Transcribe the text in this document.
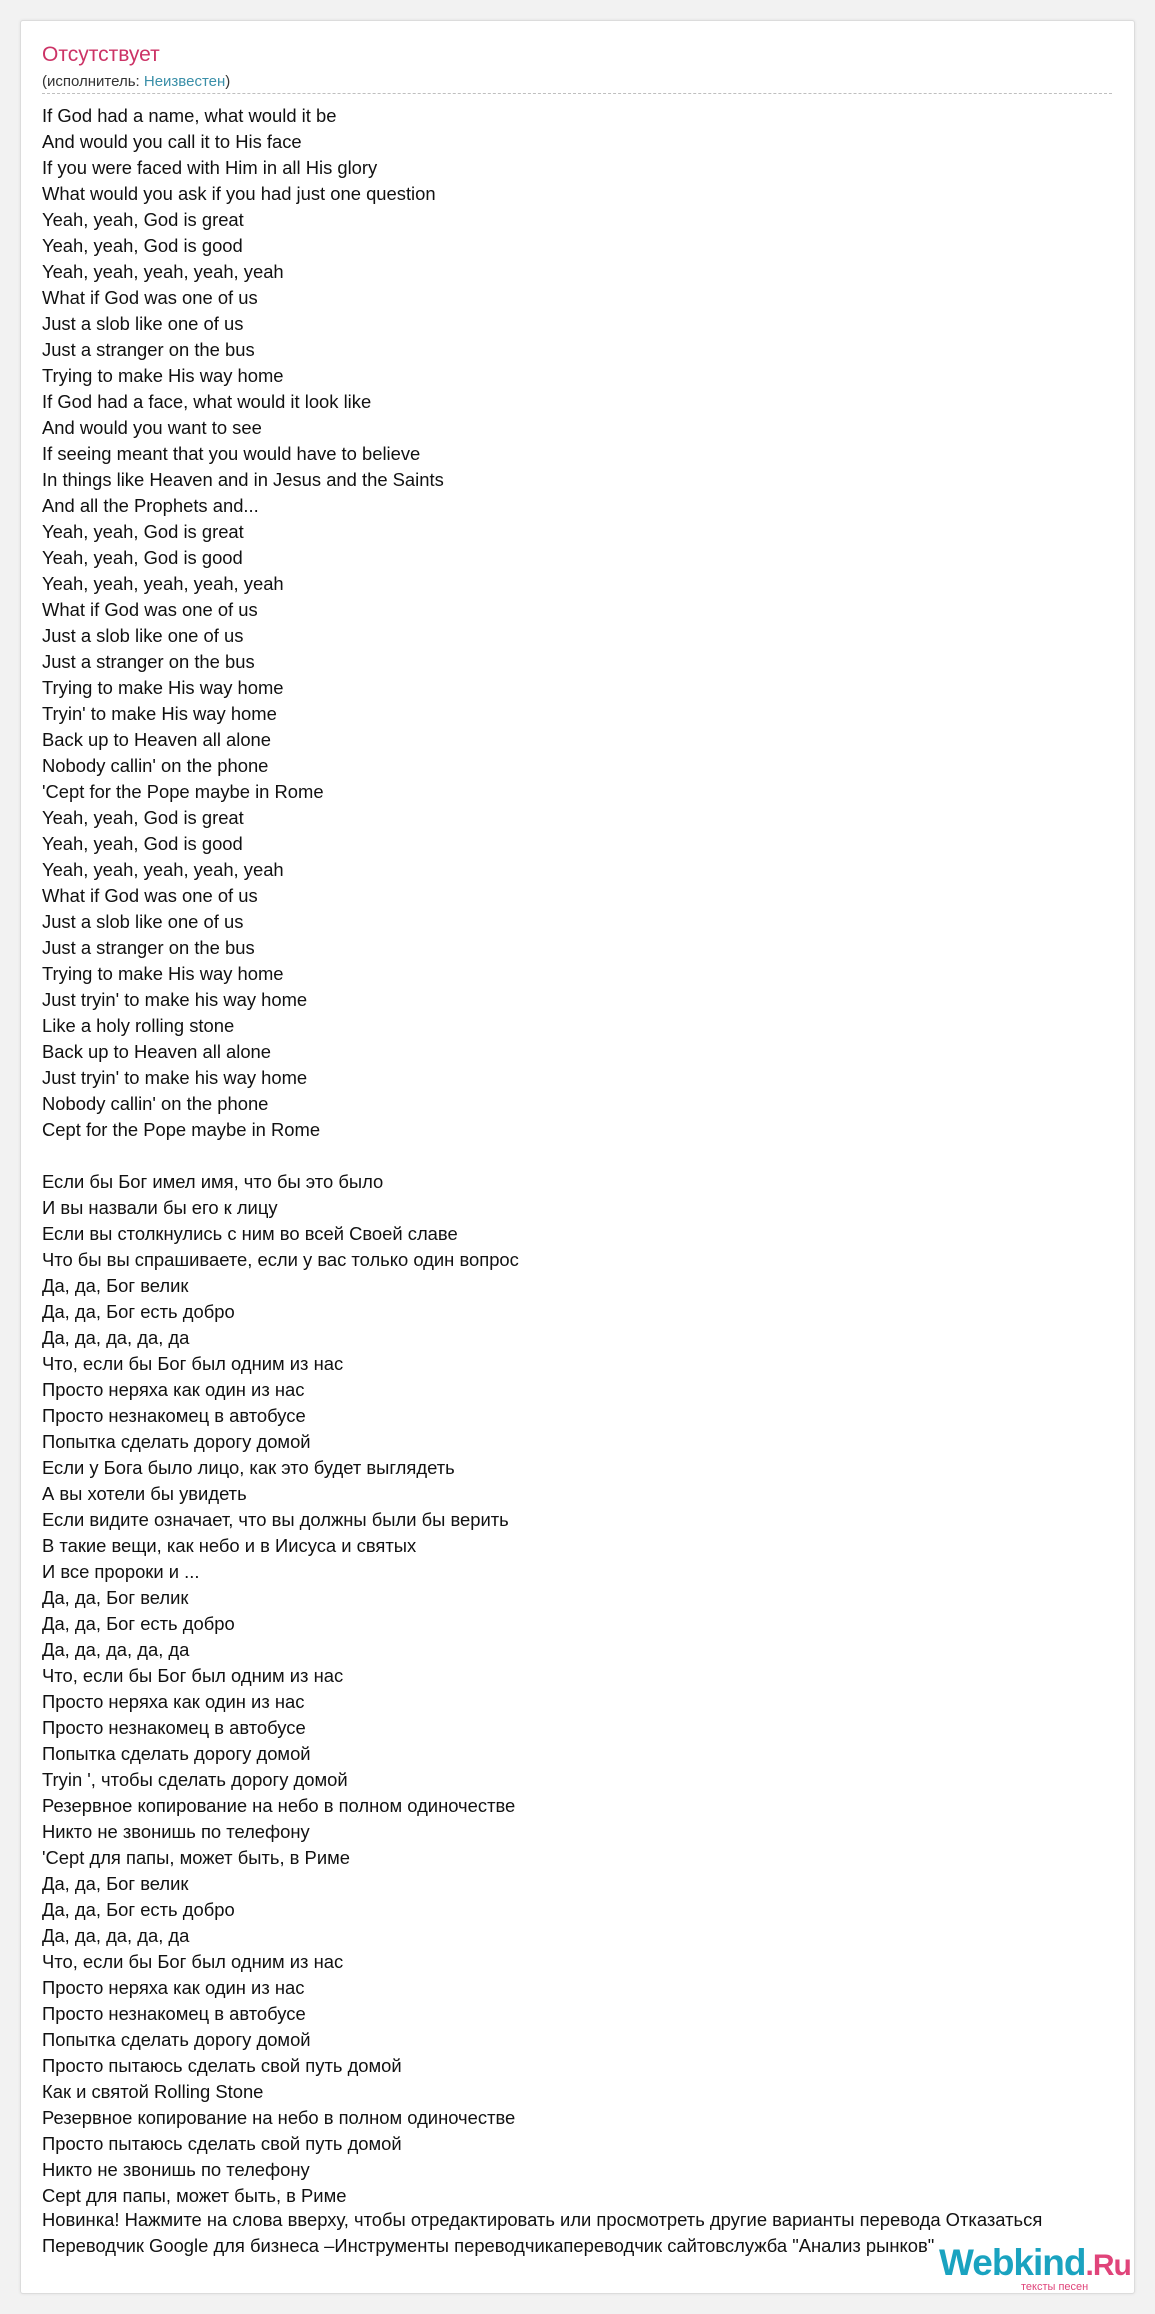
Отсутствует
(исполнитель: Неизвестен)
If God had a name, what would it be
And would you call it to His face
If you were faced with Him in all His glory
What would you ask if you had just one question
Yeah, yeah, God is great
Yeah, yeah, God is good
Yeah, yeah, yeah, yeah, yeah
What if God was one of us
Just a slob like one of us
Just a stranger on the bus
Trying to make His way home
If God had a face, what would it look like
And would you want to see
If seeing meant that you would have to believe
In things like Heaven and in Jesus and the Saints
And all the Prophets and...
Yeah, yeah, God is great
Yeah, yeah, God is good
Yeah, yeah, yeah, yeah, yeah
What if God was one of us
Just a slob like one of us
Just a stranger on the bus
Trying to make His way home
Tryin' to make His way home
Back up to Heaven all alone
Nobody callin' on the phone
'Cept for the Pope maybe in Rome
Yeah, yeah, God is great
Yeah, yeah, God is good
Yeah, yeah, yeah, yeah, yeah
What if God was one of us
Just a slob like one of us
Just a stranger on the bus
Trying to make His way home
Just tryin' to make his way home
Like a holy rolling stone
Back up to Heaven all alone
Just tryin' to make his way home
Nobody callin' on the phone
Cept for the Pope maybe in Rome
Если бы Бог имел имя, что бы это было
И вы назвали бы его к лицу
Если вы столкнулись с ним во всей Своей славе
Что бы вы спрашиваете, если у вас только один вопрос
Да, да, Бог велик
Да, да, Бог есть добро
Да, да, да, да, да
Что, если бы Бог был одним из нас
Просто неряха как один из нас
Просто незнакомец в автобусе
Попытка сделать дорогу домой
Если у Бога было лицо, как это будет выглядеть
А вы хотели бы увидеть
Если видите означает, что вы должны были бы верить
В такие вещи, как небо и в Иисуса и святых
И все пророки и ...
Да, да, Бог велик
Да, да, Бог есть добро
Да, да, да, да, да
Что, если бы Бог был одним из нас
Просто неряха как один из нас
Просто незнакомец в автобусе
Попытка сделать дорогу домой
Tryin ', чтобы сделать дорогу домой
Резервное копирование на небо в полном одиночестве
Никто не звонишь по телефону
'Cept для папы, может быть, в Риме
Да, да, Бог велик
Да, да, Бог есть добро
Да, да, да, да, да
Что, если бы Бог был одним из нас
Просто неряха как один из нас
Просто незнакомец в автобусе
Попытка сделать дорогу домой
Просто пытаюсь сделать свой путь домой
Как и святой Rolling Stone
Резервное копирование на небо в полном одиночестве
Просто пытаюсь сделать свой путь домой
Никто не звонишь по телефону
Cept для папы, может быть, в Риме
Новинка! Нажмите на слова вверху, чтобы отредактировать или просмотреть другие варианты перевода Отказаться
Переводчик Google для бизнеса –Инструменты переводчикапереводчик сайтовслужба "Анализ рынков" Webkind.Ru
тексты песен
